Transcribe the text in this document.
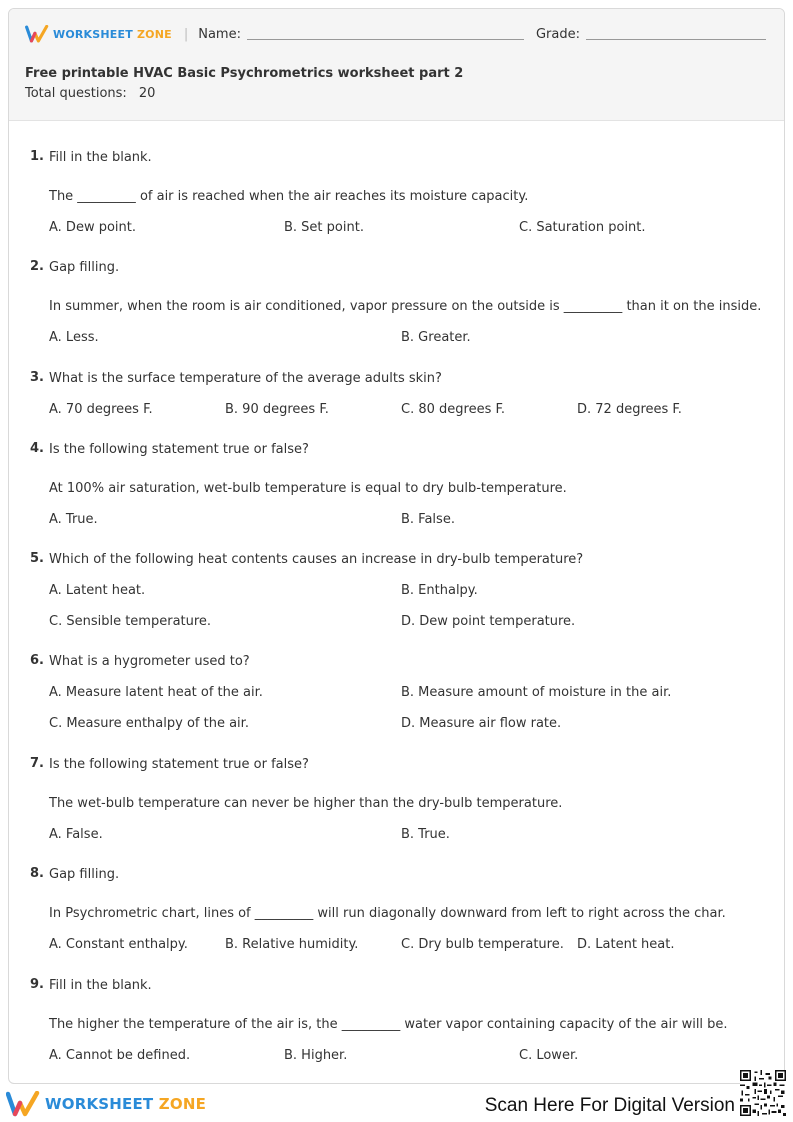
WORKSHEET ZONE | Name:	Grade:
Free printable HVAC Basic Psychrometrics worksheet part 2
Total questions: 20
1. Fill in the blank.
The _________ of air is reached when the air reaches its moisture capacity.
A. Dew point.	B. Set point.	C. Saturation point.
2. Gap filling.
In summer, when the room is air conditioned, vapor pressure on the outside is _________ than it on the inside.
A. Less.	B. Greater.
3. What is the surface temperature of the average adults skin?
A. 70 degrees F.	B. 90 degrees F.	C. 80 degrees F.	D. 72 degrees F.
4. Is the following statement true or false?
At 100% air saturation, wet-bulb temperature is equal to dry bulb-temperature.
A. True.	B. False.
5. Which of the following heat contents causes an increase in dry-bulb temperature?
A. Latent heat.	B. Enthalpy.
C. Sensible temperature.	D. Dew point temperature.
6. What is a hygrometer used to?
A. Measure latent heat of the air.	B. Measure amount of moisture in the air.
C. Measure enthalpy of the air.	D. Measure air flow rate.
7. Is the following statement true or false?
The wet-bulb temperature can never be higher than the dry-bulb temperature.
A. False.	B. True.
8. Gap filling.
In Psychrometric chart, lines of _________ will run diagonally downward from left to right across the char.
A. Constant enthalpy.	B. Relative humidity.	C. Dry bulb temperature.	D. Latent heat.
9. Fill in the blank.
The higher the temperature of the air is, the _________ water vapor containing capacity of the air will be.
A. Cannot be defined.	B. Higher.	C. Lower.
WORKSHEET ZONE	Scan Here For Digital Version
